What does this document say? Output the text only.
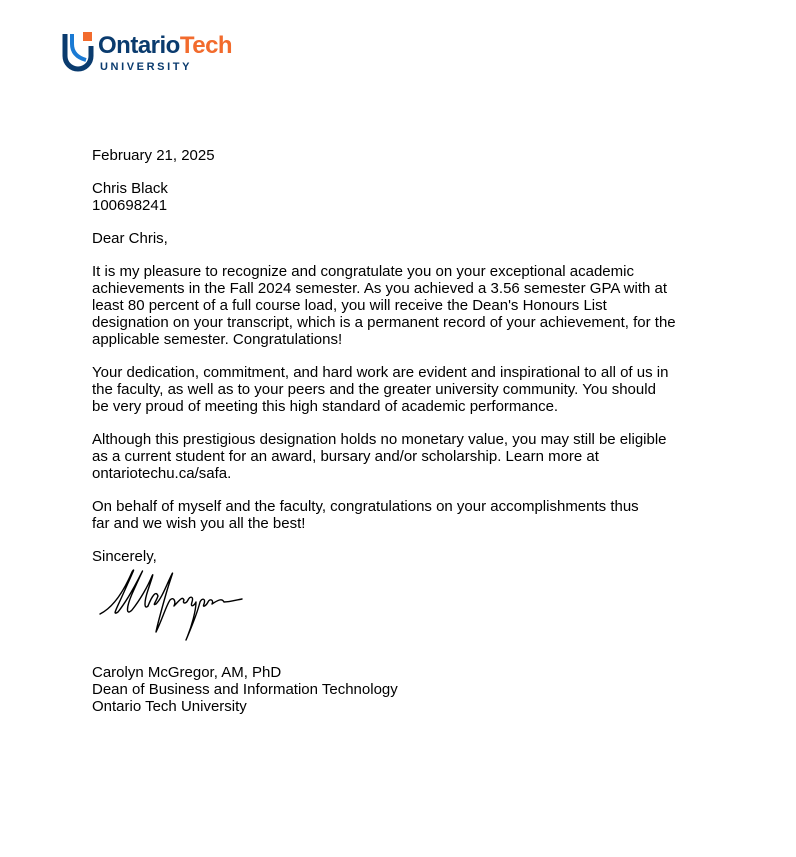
OntarioTech
UNIVERSITY
February 21, 2025
Chris Black
100698241
Dear Chris,
It is my pleasure to recognize and congratulate you on your exceptional academic
achievements in the Fall 2024 semester. As you achieved a 3.56 semester GPA with at
least 80 percent of a full course load, you will receive the Dean's Honours List
designation on your transcript, which is a permanent record of your achievement, for the
applicable semester. Congratulations!
Your dedication, commitment, and hard work are evident and inspirational to all of us in
the faculty, as well as to your peers and the greater university community. You should
be very proud of meeting this high standard of academic performance.
Although this prestigious designation holds no monetary value, you may still be eligible
as a current student for an award, bursary and/or scholarship. Learn more at
ontariotechu.ca/safa.
On behalf of myself and the faculty, congratulations on your accomplishments thus
far and we wish you all the best!
Sincerely,
Carolyn McGregor, AM, PhD
Dean of Business and Information Technology
Ontario Tech University
